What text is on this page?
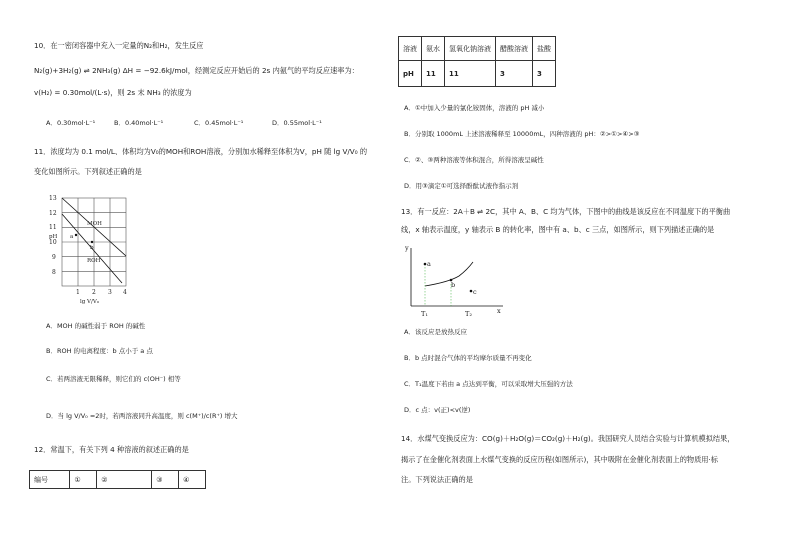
10．在一密闭容器中充入一定量的N₂和H₂，发生反应
N₂(g)+3H₂(g) ⇌ 2NH₃(g) ΔH = −92.6kJ/mol，经测定反应开始后的 2s 内氨气的平均反应速率为：
v(H₂) = 0.30mol/(L·s)，则 2s 末 NH₃ 的浓度为
A．0.30mol·L⁻¹	B．0.40mol·L⁻¹	C．0.45mol·L⁻¹	D．0.55mol·L⁻¹
11．浓度均为 0.1 mol/L、体积均为V₀的MOH和ROH溶液，分别加水稀释至体积为V，pH 随 lg V/V₀ 的
变化如图所示。下列叙述正确的是
13
12
11
10
9
8
1 2 3 4
pH
lg V/V₀
MOH
ROH
a
b
A．MOH 的碱性弱于 ROH 的碱性
B．ROH 的电离程度：b 点小于 a 点
C．若两溶液无限稀释，则它们的 c(OH⁻) 相等
D．当 lg V/V₀ =2时，若两溶液同升高温度，则 c(M⁺)/c(R⁺) 增大
12．常温下，有关下列 4 种溶液的叙述正确的是
编号	①	②	③	④
溶液	氨水	氢氧化钠溶液	醋酸溶液	盐酸
pH	11	11	3	3
A．①中加入少量的氯化铵固体，溶液的 pH 减小
B．分别取 1000mL 上述溶液稀释至 10000mL，四种溶液的 pH：②>①>④>③
C．②、③两种溶液等体积混合，所得溶液呈碱性
D．用③滴定①可选择酚酞试液作指示剂
13．有一反应：2A＋B ⇌ 2C，其中 A、B、C 均为气体，下图中的曲线是该反应在不同温度下的平衡曲
线，x 轴表示温度，y 轴表示 B 的转化率，图中有 a、b、c 三点，如图所示，则下列描述正确的是
y
x
a
b
c
T₁	T₂
A．该反应是放热反应
B．b 点时混合气体的平均摩尔质量不再变化
C．T₁温度下若由 a 点达到平衡，可以采取增大压强的方法
D．c 点：v(正)<v(逆)
14．水煤气变换反应为：CO(g)＋H₂O(g)＝CO₂(g)＋H₂(g)。我国研究人员结合实验与计算机模拟结果，
揭示了在金催化剂表面上水煤气变换的反应历程(如图所示)，其中吸附在金催化剂表面上的物质用·标
注。下列说法正确的是
